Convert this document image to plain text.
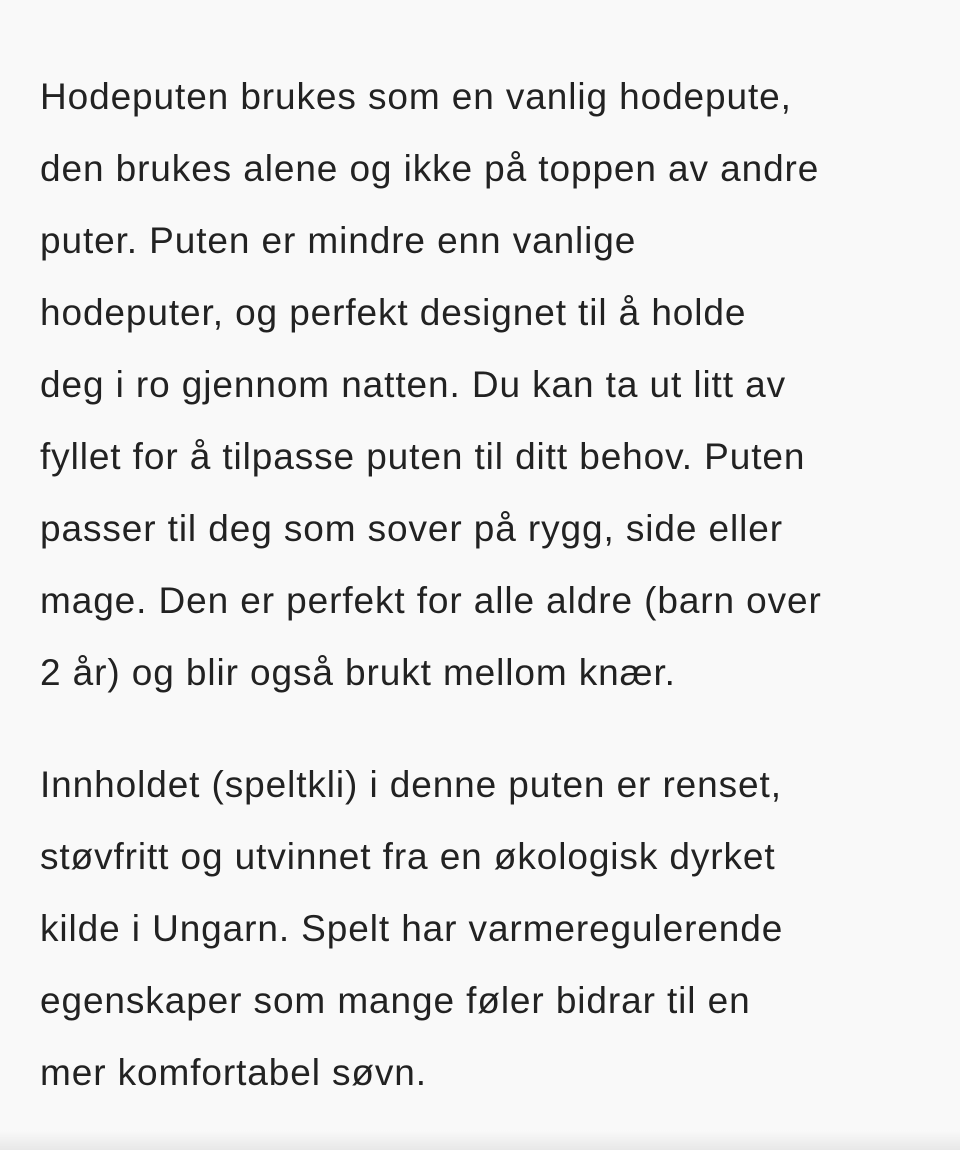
Hodeputen brukes som en vanlig hodepute,
den brukes alene og ikke på toppen av andre
puter. Puten er mindre enn vanlige
hodeputer, og perfekt designet til å holde
deg i ro gjennom natten. Du kan ta ut litt av
fyllet for å tilpasse puten til ditt behov. Puten
passer til deg som sover på rygg, side eller
mage. Den er perfekt for alle aldre (barn over
2 år) og blir også brukt mellom knær.

Innholdet (speltkli) i denne puten er renset,
støvfritt og utvinnet fra en økologisk dyrket
kilde i Ungarn. Spelt har varmeregulerende
egenskaper som mange føler bidrar til en
mer komfortabel søvn.
